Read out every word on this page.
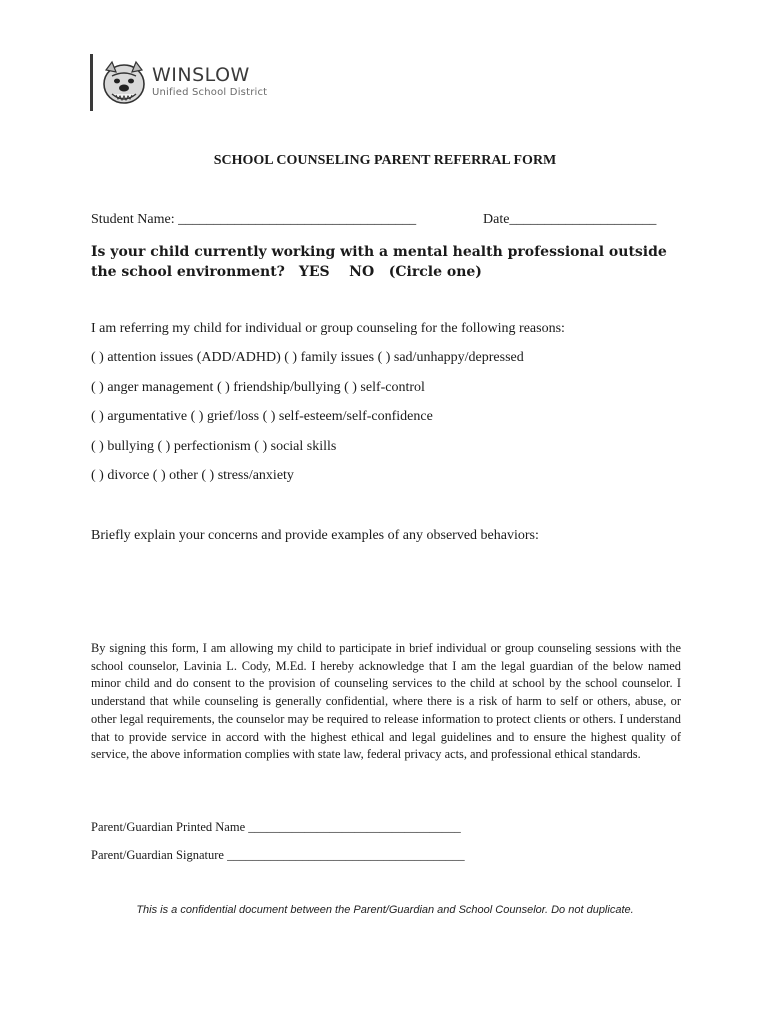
WINSLOW
Unified School District
SCHOOL COUNSELING PARENT REFERRAL FORM
Student Name: __________________________________	Date_____________________
Is your child currently working with a mental health professional outside the school environment? YES    NO   (Circle one)
I am referring my child for individual or group counseling for the following reasons:
( ) attention issues (ADD/ADHD) ( ) family issues ( ) sad/unhappy/depressed
( ) anger management ( ) friendship/bullying ( ) self-control
( ) argumentative ( ) grief/loss ( ) self-esteem/self-confidence
( ) bullying ( ) perfectionism ( ) social skills
( ) divorce ( ) other ( ) stress/anxiety
Briefly explain your concerns and provide examples of any observed behaviors:
By signing this form, I am allowing my child to participate in brief individual or group counseling sessions with the school counselor, Lavinia L. Cody, M.Ed. I hereby acknowledge that I am the legal guardian of the below named minor child and do consent to the provision of counseling services to the child at school by the school counselor. I understand that while counseling is generally confidential, where there is a risk of harm to self or others, abuse, or other legal requirements, the counselor may be required to release information to protect clients or others. I understand that to provide service in accord with the highest ethical and legal guidelines and to ensure the highest quality of service, the above information complies with state law, federal privacy acts, and professional ethical standards.
Parent/Guardian Printed Name __________________________________
Parent/Guardian Signature ______________________________________
This is a confidential document between the Parent/Guardian and School Counselor. Do not duplicate.
